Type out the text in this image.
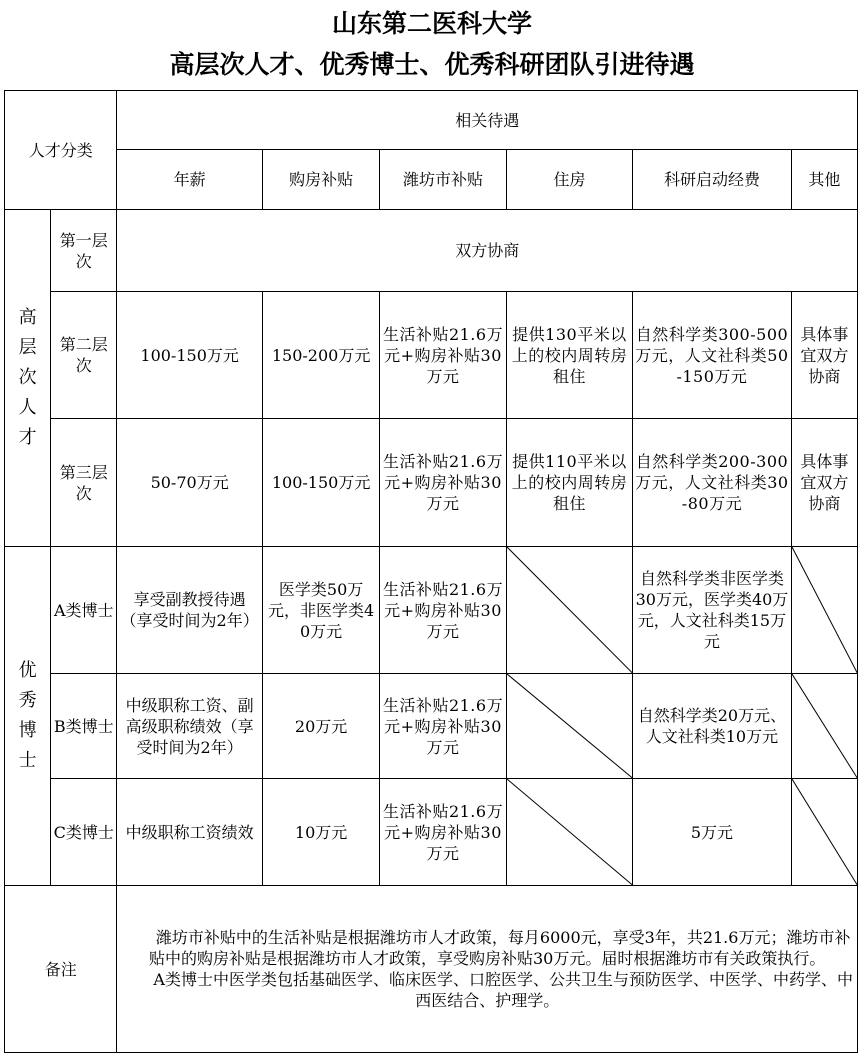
山东第二医科大学
高层次人才、优秀博士、优秀科研团队引进待遇
人才分类		相关待遇					
		年薪	购房补贴	潍坊市补贴	住房	科研启动经费	其他

高层次人才	第一层次	双方协商					
	第二层次	100-150万元	150-200万元	生活补贴21.6万元+购房补贴30万元	提供130平米以上的校内周转房租住	自然科学类300-500万元，人文社科类50-150万元	具体事宜双方协商
	第三层次	50-70万元	100-150万元	生活补贴21.6万元+购房补贴30万元	提供110平米以上的校内周转房租住	自然科学类200-300万元，人文社科类30-80万元	具体事宜双方协商

优秀博士	A类博士	享受副教授待遇（享受时间为2年）	医学类50万元，非医学类40万元	生活补贴21.6万元+购房补贴30万元		自然科学类非医学类30万元，医学类40万元，人文社科类15万元	

	B类博士	中级职称工资、副高级职称绩效（享受时间为2年）	20万元	生活补贴21.6万元+购房补贴30万元		自然科学类20万元、人文社科类10万元	

	C类博士	中级职称工资绩效	10万元	生活补贴21.6万元+购房补贴30万元		5万元	

备注		潍坊市补贴中的生活补贴是根据潍坊市人才政策，每月6000元，享受3年，共21.6万元；潍坊市补贴中的购房补贴是根据潍坊市人才政策，享受购房补贴30万元。届时根据潍坊市有关政策执行。

A类博士中医学类包括基础医学、临床医学、口腔医学、公共卫生与预防医学、中医学、中药学、中西医结合、护理学。					
